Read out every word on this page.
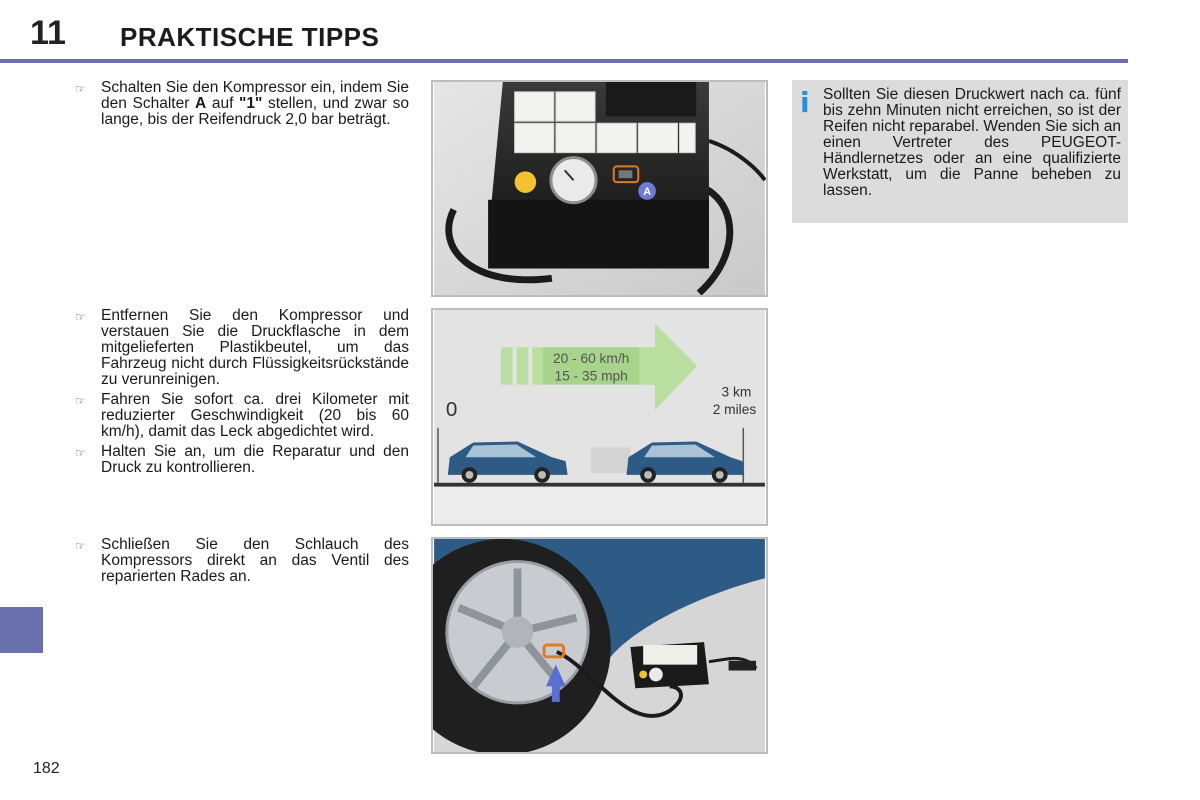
11 PRAKTISCHE TIPPS
182
☞ Schalten Sie den Kompressor ein, indem Sie den Schalter A auf "1" stellen, und zwar so lange, bis der Reifendruck 2,0 bar beträgt.
☞ Entfernen Sie den Kompressor und verstauen Sie die Druckflasche in dem mitgelieferten Plastikbeutel, um das Fahrzeug nicht durch Flüssigkeitsrückstände zu verunreinigen.
☞ Fahren Sie sofort ca. drei Kilometer mit reduzierter Geschwindigkeit (20 bis 60 km/h), damit das Leck abgedichtet wird.
☞ Halten Sie an, um die Reparatur und den Druck zu kontrollieren.
☞ Schließen Sie den Schlauch des Kompressors direkt an das Ventil des reparierten Rades an.
A
20 - 60 km/h
15 - 35 mph
0
3 km
2 miles
i Sollten Sie diesen Druckwert nach ca. fünf bis zehn Minuten nicht erreichen, so ist der Reifen nicht reparabel. Wenden Sie sich an einen Vertreter des PEUGEOT-Händlernetzes oder an eine qualifizierte Werkstatt, um die Panne beheben zu lassen.
